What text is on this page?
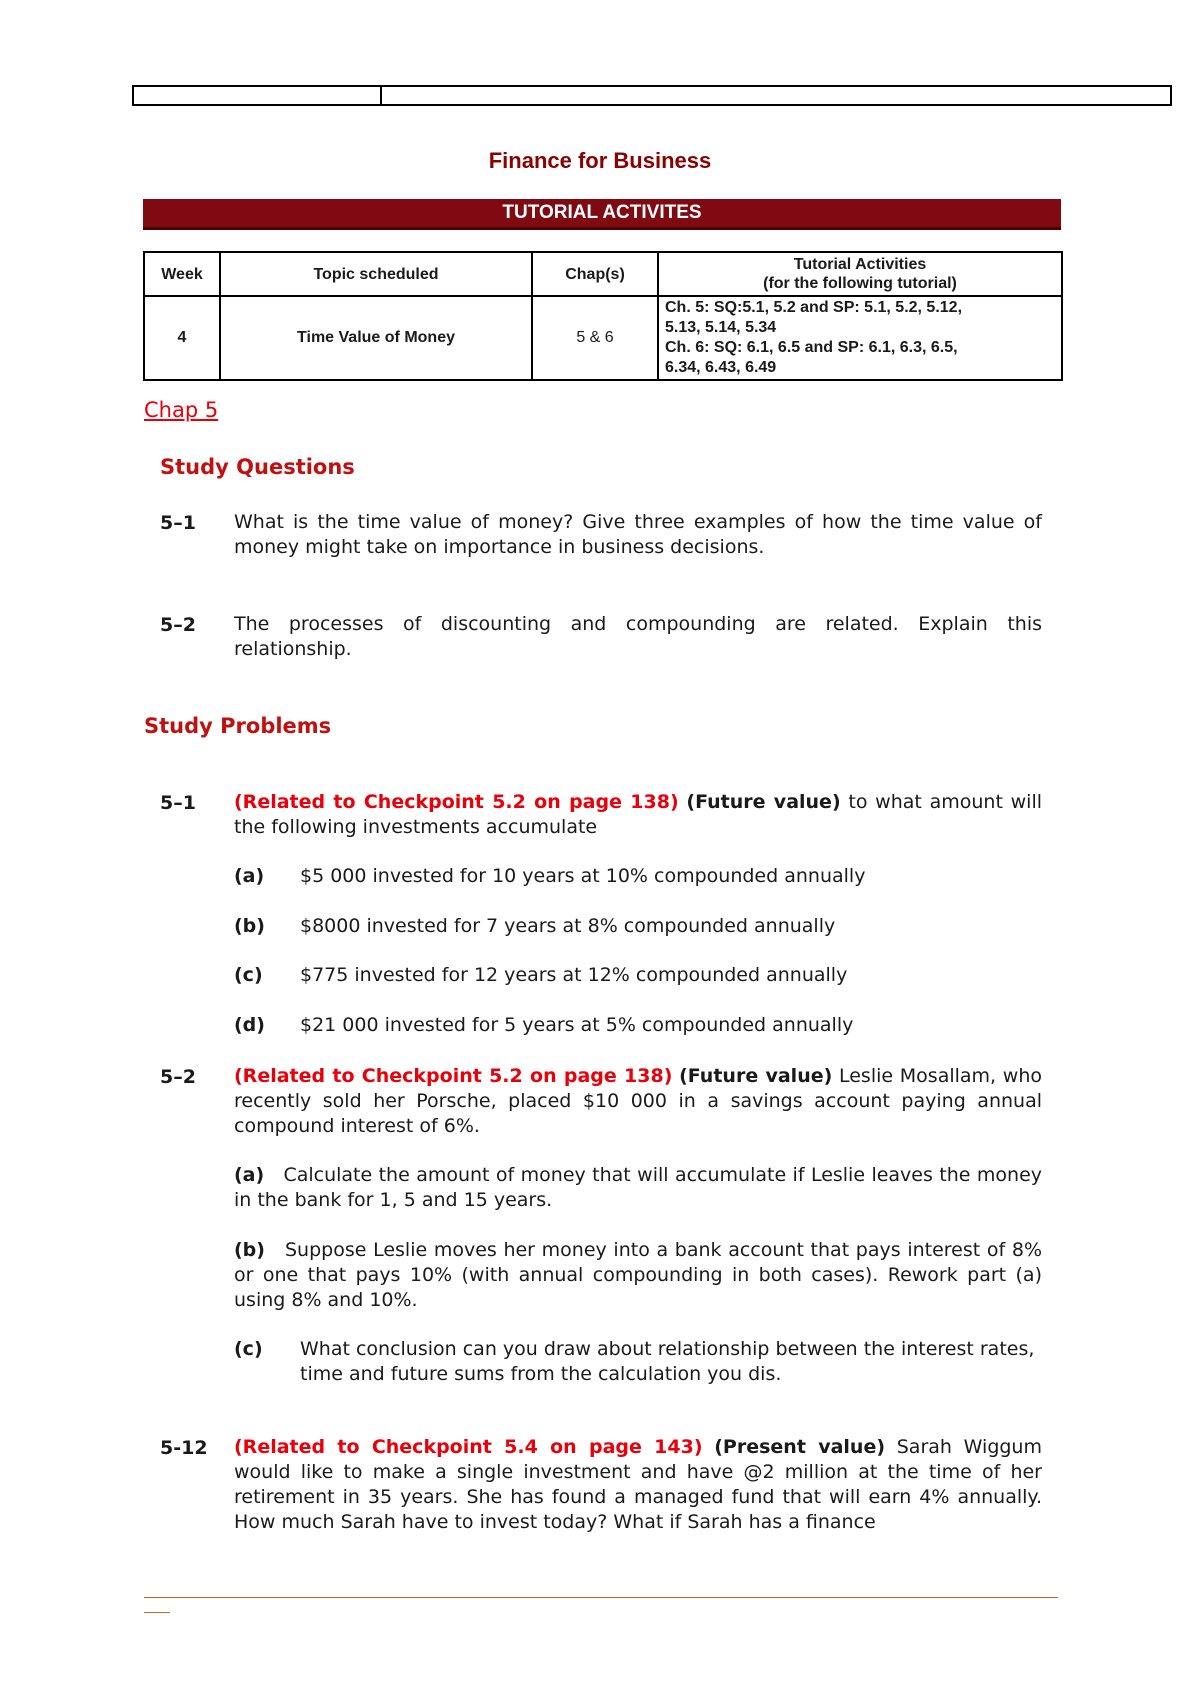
Finance for Business
TUTORIAL ACTIVITES
Week	Topic scheduled	Chap(s)	Tutorial Activities
(for the following tutorial)

4	Time Value of Money	5 & 6	Ch. 5: SQ:5.1, 5.2 and SP: 5.1, 5.2, 5.12,
5.13, 5.14, 5.34
Ch. 6: SQ: 6.1, 6.5 and SP: 6.1, 6.3, 6.5,
6.34, 6.43, 6.49
Chap 5
Study Questions
5–1 What is the time value of money? Give three examples of how the time value of money might take on importance in business decisions.
5–2 The processes of discounting and compounding are related. Explain this relationship.
Study Problems
5–1 (Related to Checkpoint 5.2 on page 138) (Future value) to what amount will the following investments accumulate
(a) $5 000 invested for 10 years at 10% compounded annually
(b) $8000 invested for 7 years at 8% compounded annually
(c) $775 invested for 12 years at 12% compounded annually
(d) $21 000 invested for 5 years at 5% compounded annually
5–2 (Related to Checkpoint 5.2 on page 138) (Future value) Leslie Mosallam, who recently sold her Porsche, placed $10 000 in a savings account paying annual compound interest of 6%.
(a) Calculate the amount of money that will accumulate if Leslie leaves the money in the bank for 1, 5 and 15 years.
(b) Suppose Leslie moves her money into a bank account that pays interest of 8% or one that pays 10% (with annual compounding in both cases). Rework part (a) using 8% and 10%.
(c)	What conclusion can you draw about relationship between the interest rates, time and future sums from the calculation you dis.
5-12 (Related to Checkpoint 5.4 on page 143) (Present value) Sarah Wiggum would like to make a single investment and have @2 million at the time of her retirement in 35 years. She has found a managed fund that will earn 4% annually. How much Sarah have to invest today? What if Sarah has a finance
